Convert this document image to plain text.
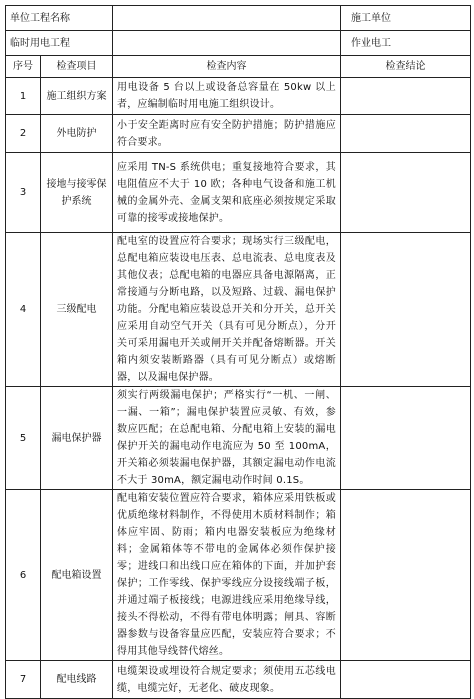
单位工程名称			施工单位
临时用电工程			作业电工
序号	检查项目	检查内容	检查结论
1	施工组织方案	用电设备 5 台以上或设备总容量在 50kw 以上者，应编制临时用电施工组织设计。	
2	外电防护	小于安全距离时应有安全防护措施；防护措施应符合要求。	
3	接地与接零保护系统	应采用 TN-S 系统供电；重复接地符合要求，其电阻值应不大于 10 欧；各种电气设备和施工机械的金属外壳、金属支架和底座必须按规定采取可靠的接零或接地保护。	
4	三级配电	配电室的设置应符合要求；现场实行三级配电，总配电箱应装设电压表、总电流表、总电度表及其他仪表；总配电箱的电器应具备电源隔离，正常接通与分断电路，以及短路、过载、漏电保护功能。分配电箱应装设总开关和分开关，总开关应采用自动空气开关（具有可见分断点），分开关可采用漏电开关或闸开关并配备熔断器。开关箱内须安装断路器（具有可见分断点）或熔断器，以及漏电保护器。	
5	漏电保护器	须实行两级漏电保护；严格实行“一机、一闸、一漏、一箱”；漏电保护装置应灵敏、有效，参数应匹配；在总配电箱、分配电箱上安装的漏电保护开关的漏电动作电流应为 50 至 100mA，开关箱必须装漏电保护器，其额定漏电动作电流不大于 30mA，额定漏电动作时间 0.1S。	
6	配电箱设置	配电箱安装位置应符合要求，箱体应采用铁板或优质绝缘材料制作，不得使用木质材料制作；箱体应牢固、防雨；箱内电器安装板应为绝缘材料；金属箱体等不带电的金属体必须作保护接零；进线口和出线口应在箱体的下面，并加护套保护；工作零线、保护零线应分设接线端子板，并通过端子板接线；电源进线应采用绝缘导线，接头不得松动，不得有带电体明露；闸具、容断器参数与设备容量应匹配，安装应符合要求；不得用其他导线替代熔丝。	
7	配电线路	电缆架设或埋设符合规定要求；须使用五芯线电缆，电缆完好，无老化、破皮现象。	
